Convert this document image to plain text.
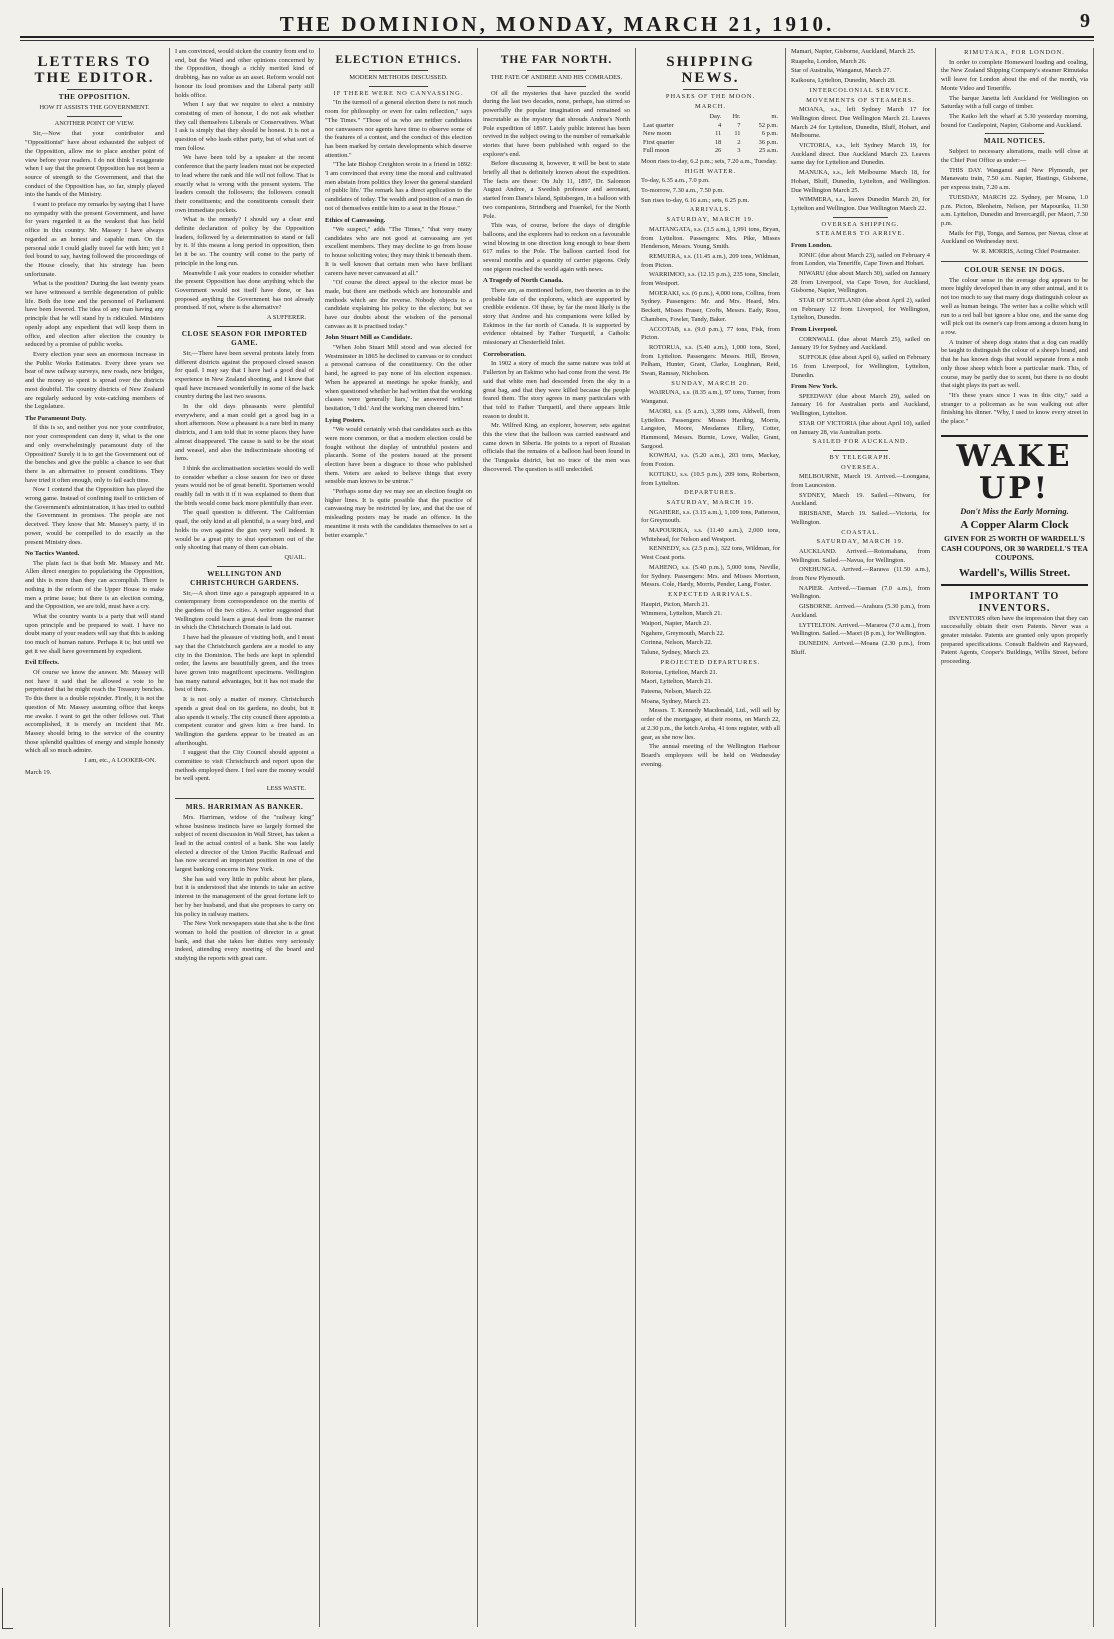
THE DOMINION, MONDAY, MARCH 21, 1910.	9
LETTERS TO THE EDITOR.
THE OPPOSITION.
HOW IT ASSISTS THE GOVERNMENT.
ANOTHER POINT OF VIEW.

Sir,—Now that your contributor and "Oppositionist" have about exhausted the subject of the Opposition, allow me to place another point of view before your readers. I do not think I exaggerate when I say that the present Opposition has not been a source of strength to the Government, and that the conduct of the Opposition has, so far, simply played into the hands of the Ministry.

I want to preface my remarks by saying that I have no sympathy with the present Government, and have for years regarded it as the weakest that has held office in this country. Mr. Massey I have always regarded as an honest and capable man. On the personal side I could gladly travel far with him; yet I feel bound to say, having followed the proceedings of the House closely, that his strategy has been unfortunate.

What is the position? During the last twenty years we have witnessed a terrible degeneration of public life. Both the tone and the personnel of Parliament have been lowered. The idea of any man having any principle that he will stand by is ridiculed. Ministers openly adopt any expedient that will keep them in office, and election after election the country is seduced by a promise of public works.

Every election year sees an enormous increase in the Public Works Estimates. Every three years we hear of new railway surveys, new roads, new bridges, and the money so spent is spread over the districts most doubtful. The country districts of New Zealand are regularly seduced by vote-catching members of the Legislature.

The Paramount Duty.

If this is so, and neither you nor your contributor, nor your correspondent can deny it, what is the one and only overwhelmingly paramount duty of the Opposition? Surely it is to get the Government out of the benches and give the public a chance to see that there is an alternative to present conditions. They have tried it often enough, only to fail each time.

Now I contend that the Opposition has played the wrong game. Instead of confining itself to criticism of the Government's administration, it has tried to outbid the Government in promises. The people are not deceived. They know that Mr. Massey's party, if in power, would be compelled to do exactly as the present Ministry does.

No Tactics Wanted.

The plain fact is that both Mr. Massey and Mr. Allen direct energies to popularising the Opposition, and this is more than they can accomplish. There is nothing in the reform of the Upper House to make men a prime issue; but there is an election coming, and the Opposition, we are told, must have a cry.

What the country wants is a party that will stand upon principle and be prepared to wait. I have no doubt many of your readers will say that this is asking too much of human nature. Perhaps it is; but until we get it we shall have government by expedient.

Evil Effects.

Of course we know the answer. Mr. Massey will not have it said that he allowed a vote to be perpetrated that he might reach the Treasury benches. To this there is a double rejoinder. Firstly, it is not the question of Mr. Massey assuming office that keeps me awake. I want to get the other fellows out. That accomplished, it is merely an incident that Mr. Massey should bring to the service of the country those splendid qualities of energy and simple honesty which all so much admire.

I am, etc., A LOOKER-ON.

March 19.

I am convinced, would sicken the country from end to end, but the Ward and other opinions concerned by the Opposition, though a richly merited kind of drubbing, has no value as an asset. Reform would not honour its loud promises and the Liberal party still holds office.

When I say that we require to elect a ministry consisting of men of honour, I do not ask whether they call themselves Liberals or Conservatives. What I ask is simply that they should be honest. It is not a question of who leads either party, but of what sort of men follow.

We have been told by a speaker at the recent conference that the party leaders must not be expected to lead where the rank and file will not follow. That is exactly what is wrong with the present system. The leaders consult the followers; the followers consult their constituents; and the constituents consult their own immediate pockets.

What is the remedy? I should say a clear and definite declaration of policy by the Opposition leaders, followed by a determination to stand or fall by it. If this means a long period in opposition, then let it be so. The country will come to the party of principle in the long run.

Meanwhile I ask your readers to consider whether the present Opposition has done anything which the Government would not itself have done, or has proposed anything the Government has not already promised. If not, where is the alternative?

A SUFFERER.
CLOSE SEASON FOR IMPORTED GAME.

Sir,—There have been several protests lately from different districts against the proposed closed season for quail. I may say that I have had a good deal of experience in New Zealand shooting, and I know that quail have increased wonderfully in some of the back country during the last two seasons.

In the old days pheasants were plentiful everywhere, and a man could get a good bag in a short afternoon. Now a pheasant is a rare bird in many districts, and I am told that in some places they have almost disappeared. The cause is said to be the stoat and weasel, and also the indiscriminate shooting of hens.

I think the acclimatisation societies would do well to consider whether a close season for two or three years would not be of great benefit. Sportsmen would readily fall in with it if it was explained to them that the birds would come back more plentifully than ever.

The quail question is different. The Californian quail, the only kind at all plentiful, is a wary bird, and holds its own against the gun very well indeed. It would be a great pity to shut sportsmen out of the only shooting that many of them can obtain.

QUAIL.
WELLINGTON AND CHRISTCHURCH GARDENS.

Sir,—A short time ago a paragraph appeared in a contemporary from correspondence on the merits of the gardens of the two cities. A writer suggested that Wellington could learn a great deal from the manner in which the Christchurch Domain is laid out.

I have had the pleasure of visiting both, and I must say that the Christchurch gardens are a model to any city in the Dominion. The beds are kept in splendid order, the lawns are beautifully green, and the trees have grown into magnificent specimens. Wellington has many natural advantages, but it has not made the best of them.

It is not only a matter of money. Christchurch spends a great deal on its gardens, no doubt, but it also spends it wisely. The city council there appoints a competent curator and gives him a free hand. In Wellington the gardens appear to be treated as an afterthought.

I suggest that the City Council should appoint a committee to visit Christchurch and report upon the methods employed there. I feel sure the money would be well spent.

LESS WASTE.
MRS. HARRIMAN AS BANKER.

Mrs. Harriman, widow of the "railway king" whose business instincts have so largely formed the subject of recent discussion in Wall Street, has taken a lead in the actual control of a bank. She was lately elected a director of the Union Pacific Railroad and has now secured an important position in one of the largest banking concerns in New York.

She has said very little in public about her plans, but it is understood that she intends to take an active interest in the management of the great fortune left to her by her husband, and that she proposes to carry on his policy in railway matters.

The New York newspapers state that she is the first woman to hold the position of director in a great bank, and that she takes her duties very seriously indeed, attending every meeting of the board and studying the reports with great care.

ELECTION ETHICS.
MODERN METHODS DISCUSSED.
IF THERE WERE NO CANVASSING.

"In the turmoil of a general election there is not much room for philosophy or even for calm reflection," says "The Times." "Those of us who are neither candidates nor canvassers nor agents have time to observe some of the features of a contest, and the conduct of this election has been marked by certain developments which deserve attention."

"The late Bishop Creighton wrote in a friend in 1892: 'I am convinced that every time the moral and cultivated men abstain from politics they lower the general standard of public life.' The remark has a direct application to the candidates of today. The wealth and position of a man do not of themselves entitle him to a seat in the House."

Ethics of Canvassing.

"We suspect," adds "The Times," "that very many candidates who are not good at canvassing are yet excellent members. They may decline to go from house to house soliciting votes; they may think it beneath them. It is well known that certain men who have brilliant careers have never canvassed at all."

"Of course the direct appeal to the elector must be made, but there are methods which are honourable and methods which are the reverse. Nobody objects to a candidate explaining his policy to the electors; but we have our doubts about the wisdom of the personal canvass as it is practised today."

John Stuart Mill as Candidate.

"When John Stuart Mill stood and was elected for Westminster in 1865 he declined to canvass or to conduct a personal canvass of the constituency. On the other hand, he agreed to pay none of his election expenses. When he appeared at meetings he spoke frankly, and when questioned whether he had written that the working classes were 'generally liars,' he answered without hesitation, 'I did.' And the working men cheered him."

Lying Posters.

"We would certainly wish that candidates such as this were more common, or that a modern election could be fought without the display of untruthful posters and placards. Some of the posters issued at the present election have been a disgrace to those who published them. Voters are asked to believe things that every sensible man knows to be untrue."

"Perhaps some day we may see an election fought on higher lines. It is quite possible that the practice of canvassing may be restricted by law, and that the use of misleading posters may be made an offence. In the meantime it rests with the candidates themselves to set a better example."

THE FAR NORTH.
THE FATE OF ANDREE AND HIS COMRADES.

Of all the mysteries that have puzzled the world during the last two decades, none, perhaps, has stirred so powerfully the popular imagination and remained so inscrutable as the mystery that shrouds Andree's North Pole expedition of 1897. Lately public interest has been revived in the subject owing to the number of remarkable stories that have been published with regard to the explorer's end.

Before discussing it, however, it will be best to state briefly all that is definitely known about the expedition. The facts are these: On July 11, 1897, Dr. Salomon August Andree, a Swedish professor and aeronaut, started from Dane's Island, Spitsbergen, in a balloon with two companions, Strindberg and Fraenkel, for the North Pole.

This was, of course, before the days of dirigible balloons, and the explorers had to reckon on a favourable wind blowing in one direction long enough to bear them 617 miles to the Pole. The balloon carried food for several months and a quantity of carrier pigeons. Only one pigeon reached the world again with news.

A Tragedy of North Canada.

There are, as mentioned before, two theories as to the probable fate of the explorers, which are supported by credible evidence. Of these, by far the most likely is the story that Andree and his companions were killed by Eskimos in the far north of Canada. It is supported by evidence obtained by Father Turquetil, a Catholic missionary at Chesterfield Inlet.

Corroboration.

In 1902 a story of much the same nature was told at Fullerton by an Eskimo who had come from the west. He said that white men had descended from the sky in a great bag, and that they were killed because the people feared them. The story agrees in many particulars with that told to Father Turquetil, and there appears little reason to doubt it.

Mr. Wilfred King, an explorer, however, sets against this the view that the balloon was carried eastward and came down in Siberia. He points to a report of Russian officials that the remains of a balloon had been found in the Tunguska district, but no trace of the men was discovered. The question is still undecided.

SHIPPING NEWS.
PHASES OF THE MOON.
MARCH.
	Day.	Hr.	m.
Last quarter	4	7	52 p.m.
New moon	11	11	6 p.m.
First quarter	18	2	36 p.m.
Full moon	26	3	25 a.m.

Moon rises to-day, 6.2 p.m.; sets, 7.20 a.m., Tuesday.

HIGH WATER.

To-day, 6.35 a.m., 7.0 p.m.

To-morrow, 7.30 a.m., 7.50 p.m.

Sun rises to-day, 6.16 a.m.; sets, 6.25 p.m.

ARRIVALS.
SATURDAY, MARCH 19.

MAITANGATA, s.s. (3.5 a.m.), 1,991 tons, Bryan, from Lyttelton. Passengers: Mrs. Pike, Misses Henderson, Messrs. Young, Smith.

REMUERA, s.s. (11.45 a.m.), 209 tons, Wildman, from Picton.

WARRIMOO, s.s. (12.15 p.m.), 235 tons, Sinclair, from Westport.

MOERAKI, s.s. (6 p.m.), 4,000 tons, Collins, from Sydney. Passengers: Mr. and Mrs. Heard, Mrs. Beckett, Misses Fraser, Crofts, Messrs. Eady, Ross, Chambers, Fowler, Tandy, Baker.

ACCOTAB, s.s. (9.0 p.m.), 77 tons, Fisk, from Picton.

ROTORUA, s.s. (5.40 a.m.), 1,000 tons, Steel, from Lyttelton. Passengers: Messrs. Hill, Brown, Pelham, Hunter, Grant, Clarke, Loughnan, Reid, Swan, Ramsay, Nicholson.

SUNDAY, MARCH 20.

WAIRUNA, s.s. (8.35 a.m.), 97 tons, Turner, from Wanganui.

MAORI, s.s. (5 a.m.), 3,399 tons, Aldwell, from Lyttelton. Passengers: Misses Harding, Morris, Langston, Moore, Mesdames Ellery, Cotter, Hammond, Messrs. Burnie, Lowe, Waller, Grant, Sargood.

KOWHAI, s.s. (5.20 a.m.), 203 tons, Mackay, from Foxton.

KOTUKU, s.s. (10.5 p.m.), 209 tons, Robertson, from Lyttelton.

DEPARTURES.
SATURDAY, MARCH 19.

NGAHERE, s.s. (3.15 a.m.), 1,109 tons, Patterson, for Greymouth.

MAPOURIKA, s.s. (11.40 a.m.), 2,000 tons, Whitehead, for Nelson and Westport.

KENNEDY, s.s. (2.5 p.m.), 322 tons, Wildman, for West Coast ports.

MAHENO, s.s. (5.40 p.m.), 5,000 tons, Neville, for Sydney. Passengers: Mrs. and Misses Morrison, Messrs. Cole, Hardy, Morris, Pender, Lang, Foster.

EXPECTED ARRIVALS.

Haupiri, Picton, March 21.

Wimmera, Lyttelton, March 21.

Waipori, Napier, March 21.

Ngahere, Greymouth, March 22.

Corinna, Nelson, March 22.

Talune, Sydney, March 23.

PROJECTED DEPARTURES.

Rotorua, Lyttelton, March 21.

Maori, Lyttelton, March 21.

Pateena, Nelson, March 22.

Moana, Sydney, March 23.

Messrs. T. Kennedy Macdonald, Ltd., will sell by order of the mortgagee, at their rooms, on March 22, at 2.30 p.m., the ketch Aroha, 41 tons register, with all gear, as she now lies.

The annual meeting of the Wellington Harbour Board's employees will be held on Wednesday evening.

Mamari, Napier, Gisborne, Auckland, March 25.

Ruapehu, London, March 26.

Star of Australia, Wanganui, March 27.

Kaikoura, Lyttelton, Dunedin, March 28.

INTERCOLONIAL SERVICE.
MOVEMENTS OF STEAMERS.

MOANA, s.s., left Sydney March 17 for Wellington direct. Due Wellington March 21. Leaves March 24 for Lyttelton, Dunedin, Bluff, Hobart, and Melbourne.

VICTORIA, s.s., left Sydney March 19, for Auckland direct. Due Auckland March 23. Leaves same day for Lyttelton and Dunedin.

MANUKA, s.s., left Melbourne March 18, for Hobart, Bluff, Dunedin, Lyttelton, and Wellington. Due Wellington March 25.

WIMMERA, s.s., leaves Dunedin March 20, for Lyttelton and Wellington. Due Wellington March 22.

OVERSEA SHIPPING.
STEAMERS TO ARRIVE.
From London.

IONIC (due about March 23), sailed on February 4 from London, via Teneriffe, Cape Town and Hobart.

NIWARU (due about March 30), sailed on January 28 from Liverpool, via Cape Town, for Auckland, Gisborne, Napier, Wellington.

STAR OF SCOTLAND (due about April 2), sailed on February 12 from Liverpool, for Wellington, Lyttelton, Dunedin.

From Liverpool.

CORNWALL (due about March 25), sailed on January 19 for Sydney and Auckland.

SUFFOLK (due about April 6), sailed on February 16 from Liverpool, for Wellington, Lyttelton, Dunedin.

From New York.

SPEEDWAY (due about March 29), sailed on January 16 for Australian ports and Auckland, Wellington, Lyttelton.

STAR OF VICTORIA (due about April 10), sailed on January 28, via Australian ports.

SAILED FOR AUCKLAND.
BY TELEGRAPH.
OVERSEA.

MELBOURNE, March 19. Arrived.—Loongana, from Launceston.

SYDNEY, March 19. Sailed.—Niwaru, for Auckland.

BRISBANE, March 19. Sailed.—Victoria, for Wellington.

COASTAL.
SATURDAY, MARCH 19.

AUCKLAND. Arrived.—Rotomahana, from Wellington. Sailed.—Navua, for Wellington.

ONEHUNGA. Arrived.—Rarawa (11.50 a.m.), from New Plymouth.

NAPIER. Arrived.—Tasman (7.0 a.m.), from Wellington.

GISBORNE. Arrived.—Arahura (5.30 p.m.), from Auckland.

LYTTELTON. Arrived.—Mararoa (7.0 a.m.), from Wellington. Sailed.—Maori (8 p.m.), for Wellington.

DUNEDIN. Arrived.—Moana (2.30 p.m.), from Bluff.

RIMUTAKA, FOR LONDON.

In order to complete Homeward loading and coaling, the New Zealand Shipping Company's steamer Rimutaka will leave for London about the end of the month, via Monte Video and Teneriffe.

The barque Janetta left Auckland for Wellington on Saturday with a full cargo of timber.

The Kaiko left the wharf at 5.30 yesterday morning, bound for Castlepoint, Napier, Gisborne and Auckland.

MAIL NOTICES.

Subject to necessary alterations, mails will close at the Chief Post Office as under:—

THIS DAY. Wanganui and New Plymouth, per Manawatu train, 7.50 a.m. Napier, Hastings, Gisborne, per express train, 7.20 a.m.

TUESDAY, MARCH 22. Sydney, per Moana, 1.0 p.m. Picton, Blenheim, Nelson, per Mapourika, 11.30 a.m. Lyttelton, Dunedin and Invercargill, per Maori, 7.30 p.m.

Mails for Fiji, Tonga, and Samoa, per Navua, close at Auckland on Wednesday next.

W. R. MORRIS, Acting Chief Postmaster.
COLOUR SENSE IN DOGS.

The colour sense in the average dog appears to be more highly developed than in any other animal, and it is not too much to say that many dogs distinguish colour as well as human beings. The writer has a collie which will run to a red ball but ignore a blue one, and the same dog will pick out its owner's cap from among a dozen hung in a row.

A trainer of sheep dogs states that a dog can readily be taught to distinguish the colour of a sheep's brand, and that he has known dogs that would separate from a mob only those sheep which bore a particular mark. This, of course, may be partly due to scent, but there is no doubt that sight plays its part as well.

"It's these years since I was in this city," said a stranger to a policeman as he was walking out after finishing his dinner. "Why, I used to know every street in the place."

WAKE UP!
Don't Miss the Early Morning.
A Copper Alarm Clock
GIVEN FOR 25 WORTH OF WARDELL'S CASH COUPONS, OR 30 WARDELL'S TEA COUPONS.
Wardell's, Willis Street.
IMPORTANT TO INVENTORS.

INVENTORS often have the impression that they can successfully obtain their own Patents. Never was a greater mistake. Patents are granted only upon properly prepared specifications. Consult Baldwin and Rayward, Patent Agents, Cooper's Buildings, Willis Street, before proceeding.
